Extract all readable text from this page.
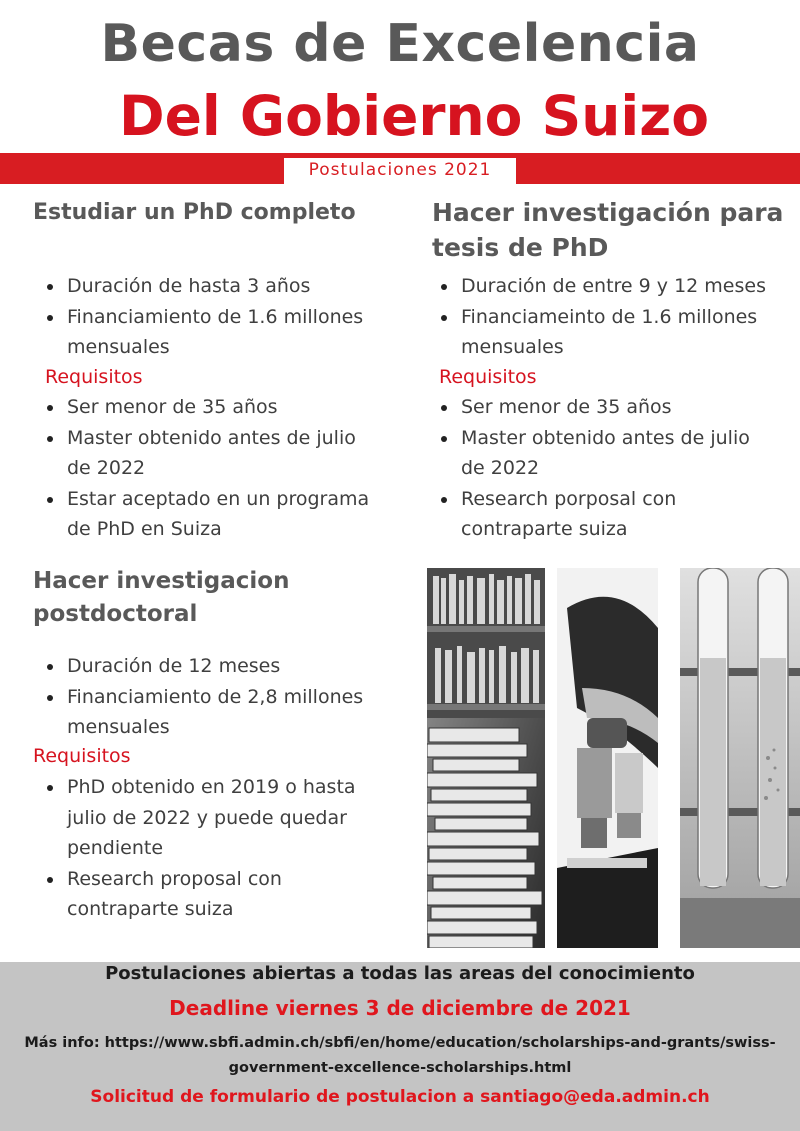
Becas de Excelencia
Del Gobierno Suizo
Postulaciones 2021
Estudiar un PhD completo
Duración de hasta 3 años
Financiamiento de 1.6 millones mensuales
Requisitos
Ser menor de 35 años
Master obtenido antes de julio de 2022
Estar aceptado en un programa de PhD en Suiza
Hacer investigación para tesis de PhD
Duración de entre 9 y 12 meses
Financiameinto de 1.6 millones mensuales
Requisitos
Ser menor de 35 años
Master obtenido antes de julio de 2022
Research porposal con contraparte suiza
Hacer investigacion postdoctoral
Duración de 12 meses
Financiamiento de 2,8 millones mensuales
Requisitos
PhD obtenido en 2019 o hasta julio de 2022 y puede quedar pendiente
Research proposal con contraparte suiza
Postulaciones abiertas a todas las areas del conocimiento
Deadline viernes 3 de diciembre de 2021
Más info: https://www.sbfi.admin.ch/sbfi/en/home/education/scholarships-and-grants/swiss-government-excellence-scholarships.html
Solicitud de formulario de postulacion a santiago@eda.admin.ch
